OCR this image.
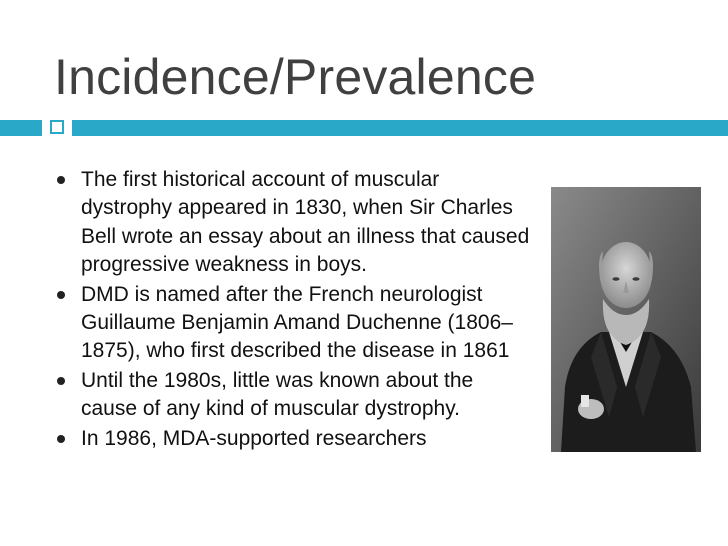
Incidence/Prevalence
The first historical account of muscular dystrophy appeared in 1830, when Sir Charles Bell wrote an essay about an illness that caused progressive weakness in boys.
DMD is named after the French neurologist Guillaume Benjamin Amand Duchenne (1806–1875), who first described the disease in 1861
Until the 1980s, little was known about the cause of any kind of muscular dystrophy.
In 1986, MDA-supported researchers
